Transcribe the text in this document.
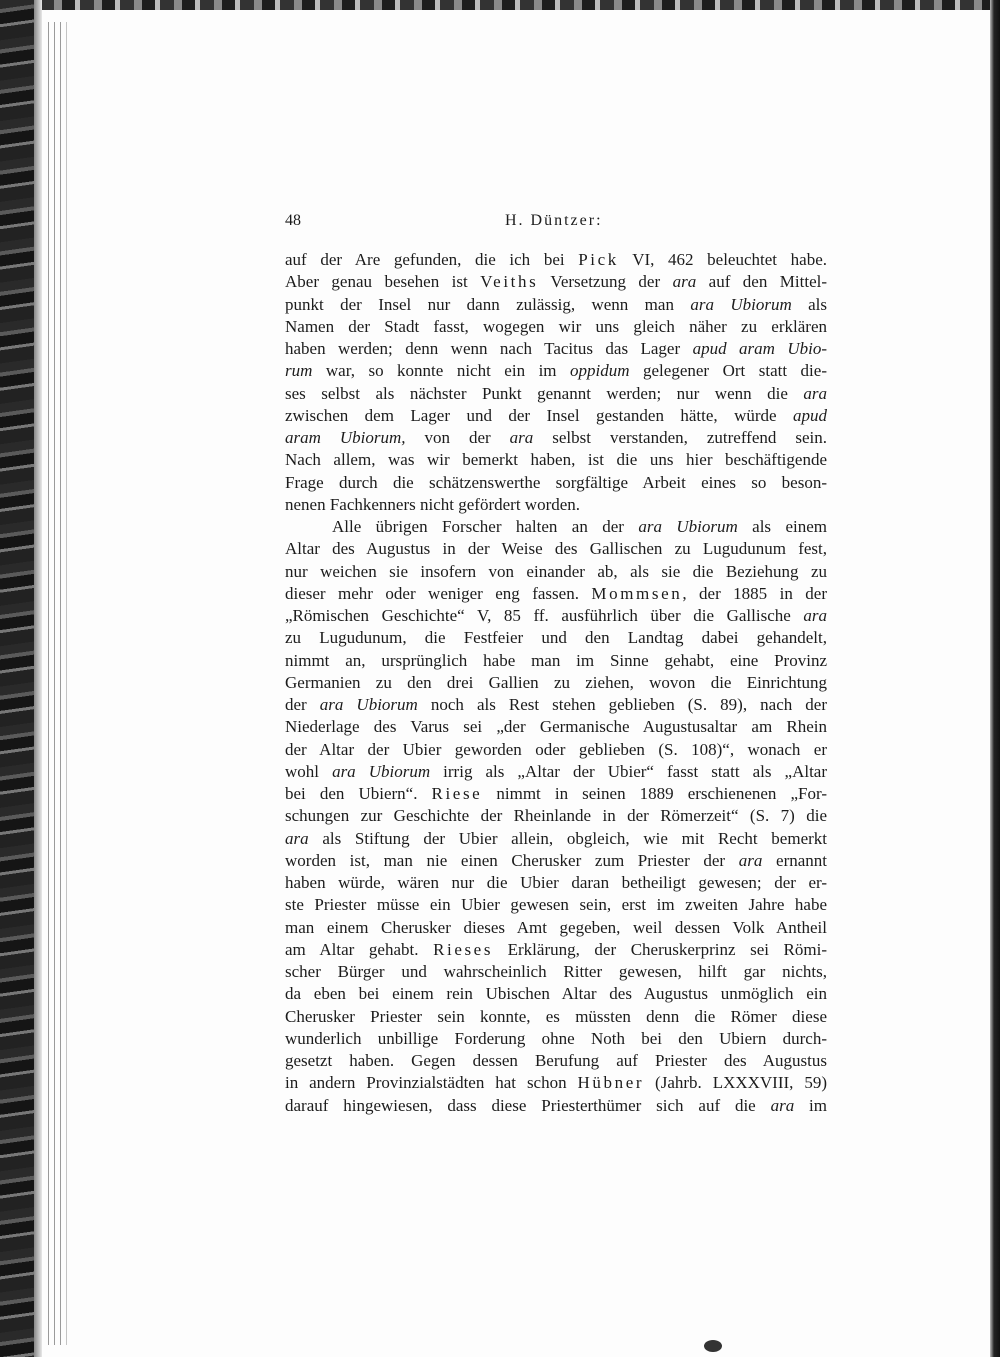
48	H. Düntzer:
auf der Are gefunden, die ich bei Pick VI, 462 beleuchtet habe.
Aber genau besehen ist Veiths Versetzung der ara auf den Mittel-
punkt der Insel nur dann zulässig, wenn man ara Ubiorum als
Namen der Stadt fasst, wogegen wir uns gleich näher zu erklären
haben werden; denn wenn nach Tacitus das Lager apud aram Ubio-
rum war, so konnte nicht ein im oppidum gelegener Ort statt die-
ses selbst als nächster Punkt genannt werden; nur wenn die ara
zwischen dem Lager und der Insel gestanden hätte, würde apud
aram Ubiorum, von der ara selbst verstanden, zutreffend sein.
Nach allem, was wir bemerkt haben, ist die uns hier beschäftigende
Frage durch die schätzenswerthe sorgfältige Arbeit eines so beson-
nenen Fachkenners nicht gefördert worden.
Alle übrigen Forscher halten an der ara Ubiorum als einem
Altar des Augustus in der Weise des Gallischen zu Lugudunum fest,
nur weichen sie insofern von einander ab, als sie die Beziehung zu
dieser mehr oder weniger eng fassen. Mommsen, der 1885 in der
„Römischen Geschichte“ V, 85 ff. ausführlich über die Gallische ara
zu Lugudunum, die Festfeier und den Landtag dabei gehandelt,
nimmt an, ursprünglich habe man im Sinne gehabt, eine Provinz
Germanien zu den drei Gallien zu ziehen, wovon die Einrichtung
der ara Ubiorum noch als Rest stehen geblieben (S. 89), nach der
Niederlage des Varus sei „der Germanische Augustusaltar am Rhein
der Altar der Ubier geworden oder geblieben (S. 108)“, wonach er
wohl ara Ubiorum irrig als „Altar der Ubier“ fasst statt als „Altar
bei den Ubiern“. Riese nimmt in seinen 1889 erschienenen „For-
schungen zur Geschichte der Rheinlande in der Römerzeit“ (S. 7) die
ara als Stiftung der Ubier allein, obgleich, wie mit Recht bemerkt
worden ist, man nie einen Cherusker zum Priester der ara ernannt
haben würde, wären nur die Ubier daran betheiligt gewesen; der er-
ste Priester müsse ein Ubier gewesen sein, erst im zweiten Jahre habe
man einem Cherusker dieses Amt gegeben, weil dessen Volk Antheil
am Altar gehabt. Rieses Erklärung, der Cheruskerprinz sei Römi-
scher Bürger und wahrscheinlich Ritter gewesen, hilft gar nichts,
da eben bei einem rein Ubischen Altar des Augustus unmöglich ein
Cherusker Priester sein konnte, es müssten denn die Römer diese
wunderlich unbillige Forderung ohne Noth bei den Ubiern durch-
gesetzt haben. Gegen dessen Berufung auf Priester des Augustus
in andern Provinzialstädten hat schon Hübner (Jahrb. LXXXVIII, 59)
darauf hingewiesen, dass diese Priesterthümer sich auf die ara im
